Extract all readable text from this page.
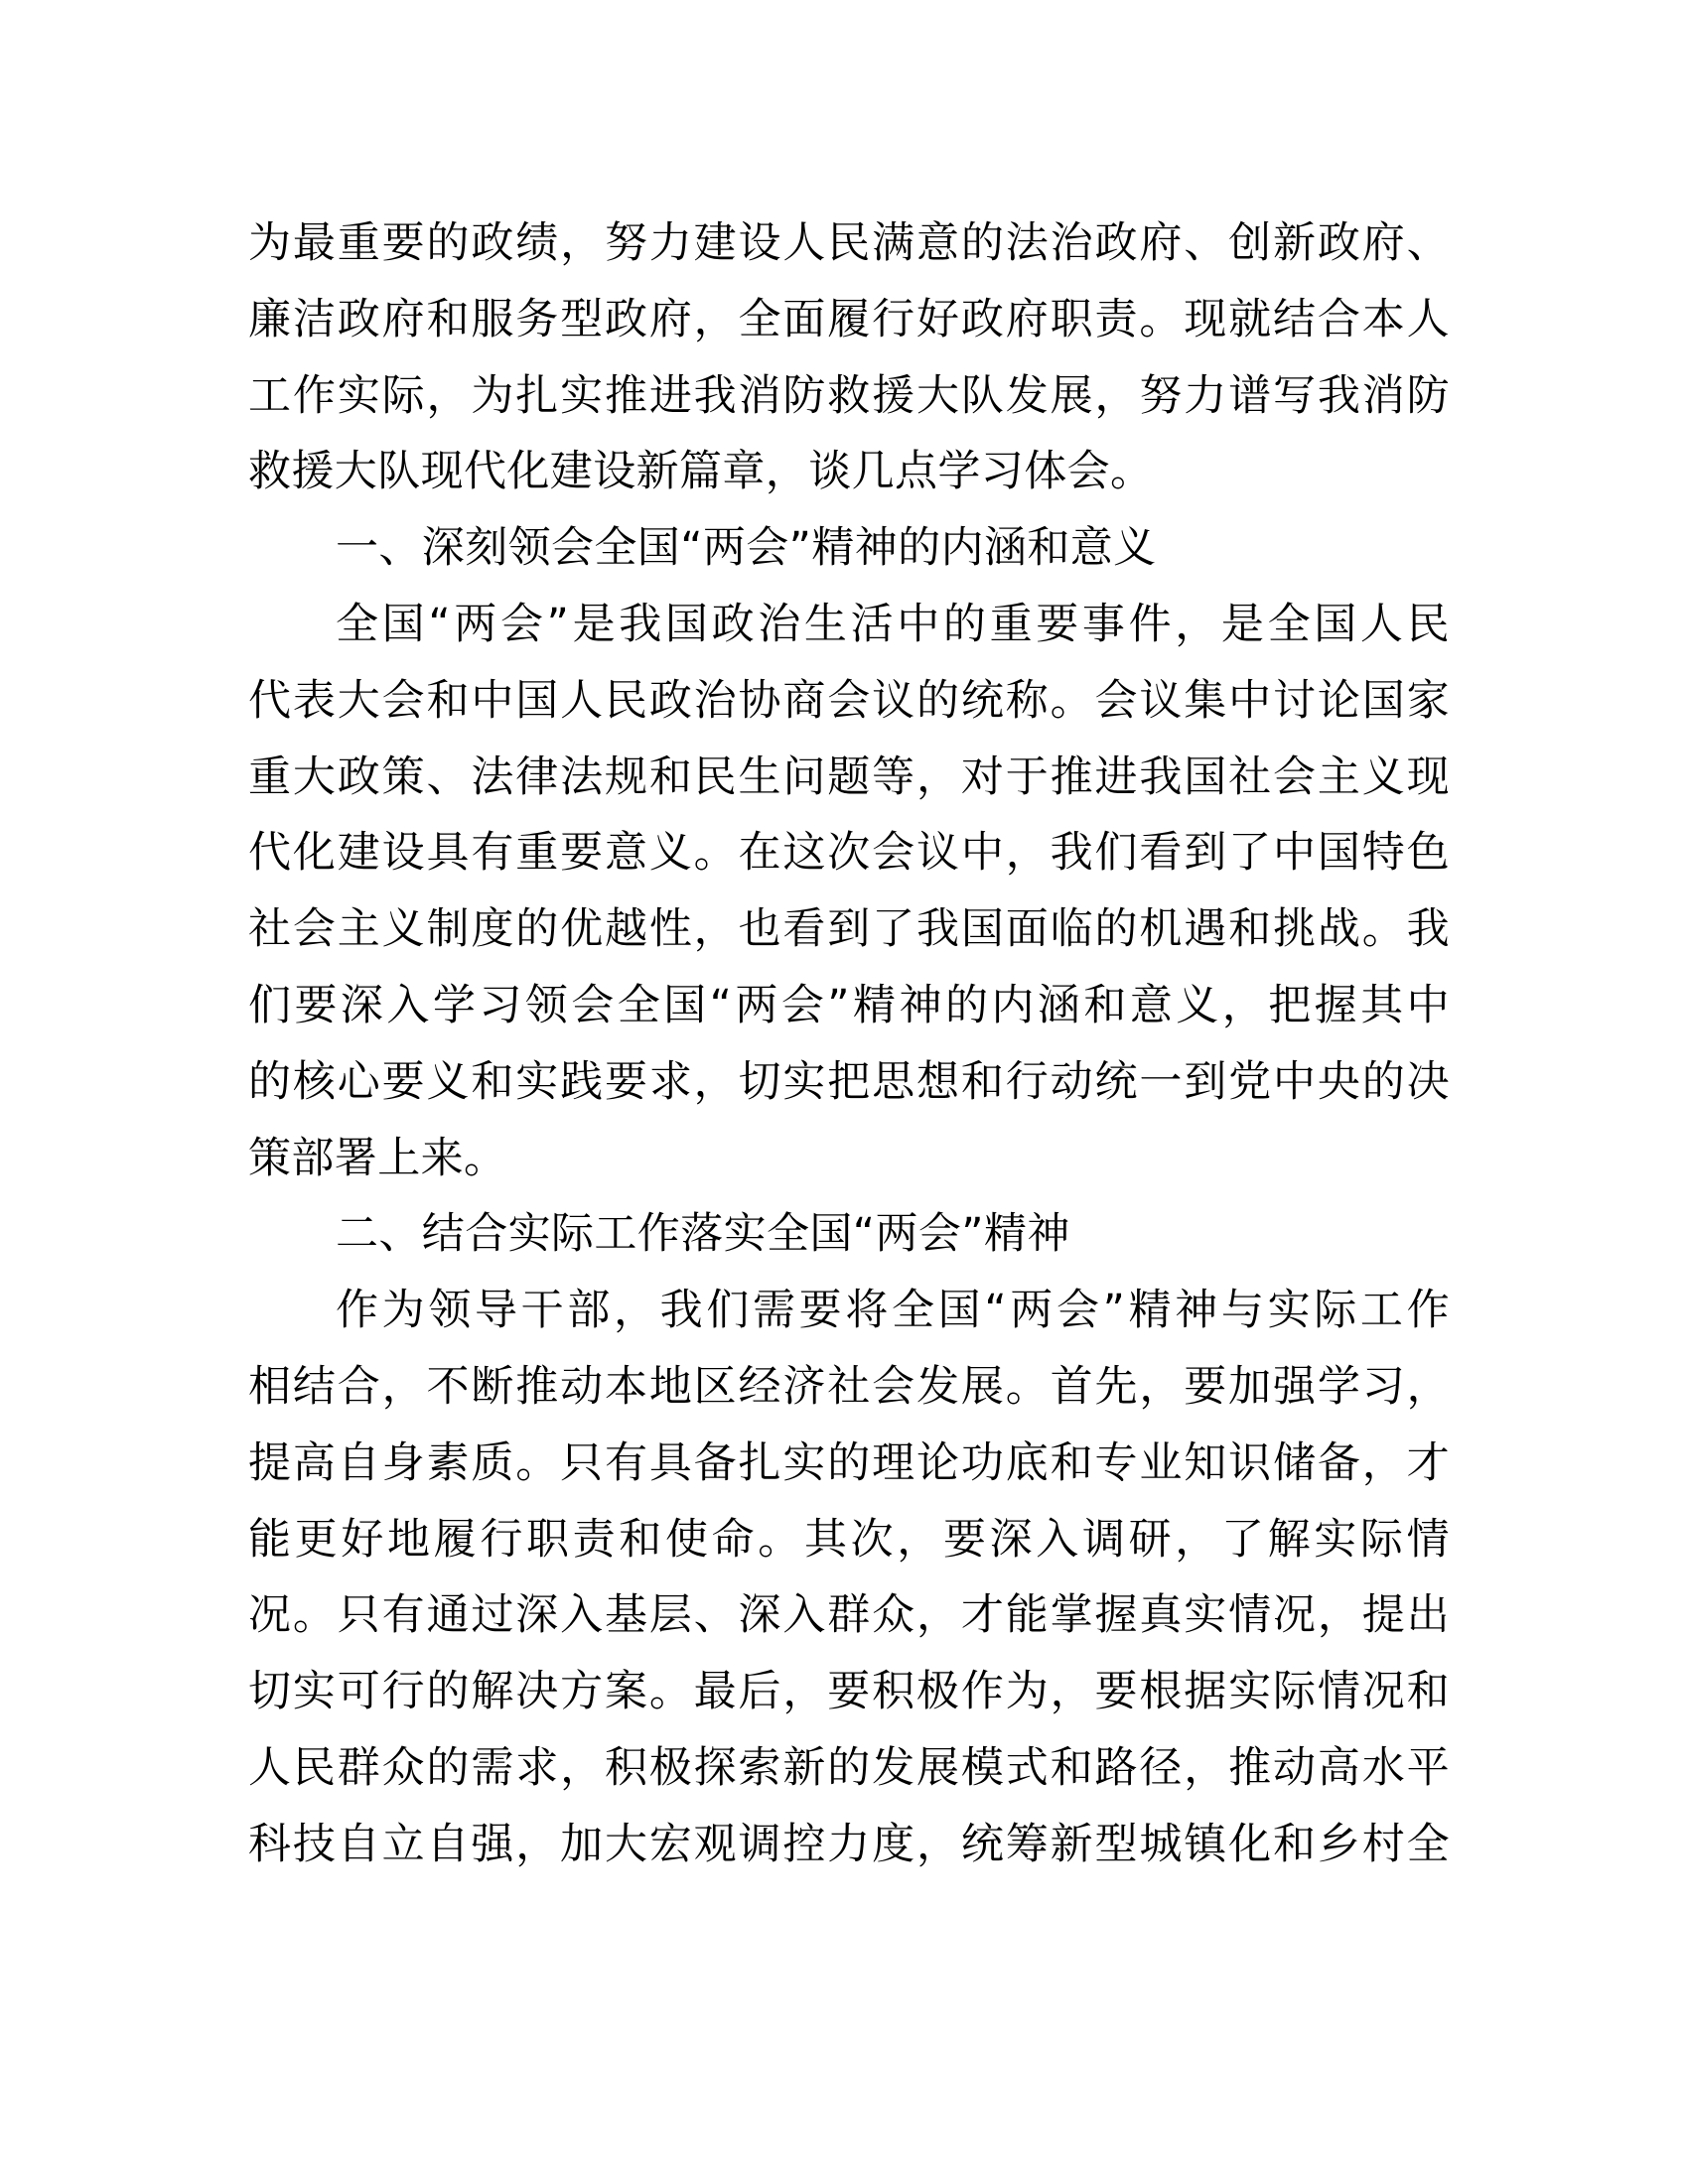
为最重要的政绩，努力建设人民满意的法治政府、创新政府、
廉洁政府和服务型政府，全面履行好政府职责。现就结合本人
工作实际，为扎实推进我消防救援大队发展，努力谱写我消防
救援大队现代化建设新篇章，谈几点学习体会。
一、深刻领会全国“两会”精神的内涵和意义
全国“两会”是我国政治生活中的重要事件，是全国人民
代表大会和中国人民政治协商会议的统称。会议集中讨论国家
重大政策、法律法规和民生问题等，对于推进我国社会主义现
代化建设具有重要意义。在这次会议中，我们看到了中国特色
社会主义制度的优越性，也看到了我国面临的机遇和挑战。我
们要深入学习领会全国“两会”精神的内涵和意义，把握其中
的核心要义和实践要求，切实把思想和行动统一到党中央的决
策部署上来。
二、结合实际工作落实全国“两会”精神
作为领导干部，我们需要将全国“两会”精神与实际工作
相结合，不断推动本地区经济社会发展。首先，要加强学习，
提高自身素质。只有具备扎实的理论功底和专业知识储备，才
能更好地履行职责和使命。其次，要深入调研，了解实际情
况。只有通过深入基层、深入群众，才能掌握真实情况，提出
切实可行的解决方案。最后，要积极作为，要根据实际情况和
人民群众的需求，积极探索新的发展模式和路径，推动高水平
科技自立自强，加大宏观调控力度，统筹新型城镇化和乡村全
